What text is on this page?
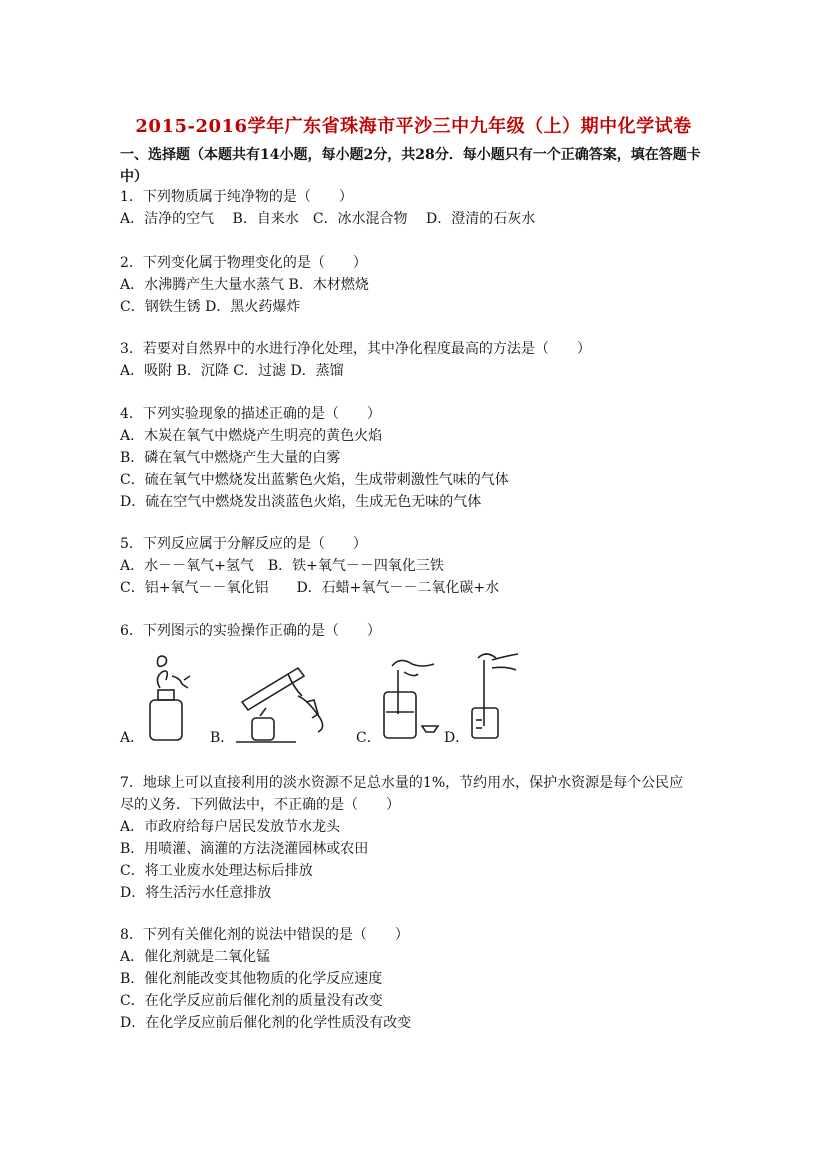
2015-2016学年广东省珠海市平沙三中九年级（上）期中化学试卷
一、选择题（本题共有14小题，每小题2分，共28分．每小题只有一个正确答案，填在答题卡中）
1．下列物质属于纯净物的是（　　）
A．洁净的空气　 B．自来水　C．冰水混合物　 D．澄清的石灰水
2．下列变化属于物理变化的是（　　）
A．水沸腾产生大量水蒸气 B．木材燃烧
C．钢铁生锈 D．黑火药爆炸
3．若要对自然界中的水进行净化处理，其中净化程度最高的方法是（　　）
A．吸附 B．沉降 C．过滤 D．蒸馏
4．下列实验现象的描述正确的是（　　）
A．木炭在氧气中燃烧产生明亮的黄色火焰
B．磷在氧气中燃烧产生大量的白雾
C．硫在氧气中燃烧发出蓝紫色火焰，生成带刺激性气味的气体
D．硫在空气中燃烧发出淡蓝色火焰，生成无色无味的气体
5．下列反应属于分解反应的是（　　）
A．水－－氧气+氢气　B．铁+氧气－－四氧化三铁
C．铝+氧气－－氧化铝　　D．石蜡+氧气－－二氧化碳+水
6．下列图示的实验操作正确的是（　　）
A．	B．	C．	D．
7．地球上可以直接利用的淡水资源不足总水量的1%，节约用水，保护水资源是每个公民应
尽的义务．下列做法中，不正确的是（　　）
A．市政府给每户居民发放节水龙头
B．用喷灌、滴灌的方法浇灌园林或农田
C．将工业废水处理达标后排放
D．将生活污水任意排放
8．下列有关催化剂的说法中错误的是（　　）
A．催化剂就是二氧化锰
B．催化剂能改变其他物质的化学反应速度
C．在化学反应前后催化剂的质量没有改变
D．在化学反应前后催化剂的化学性质没有改变
